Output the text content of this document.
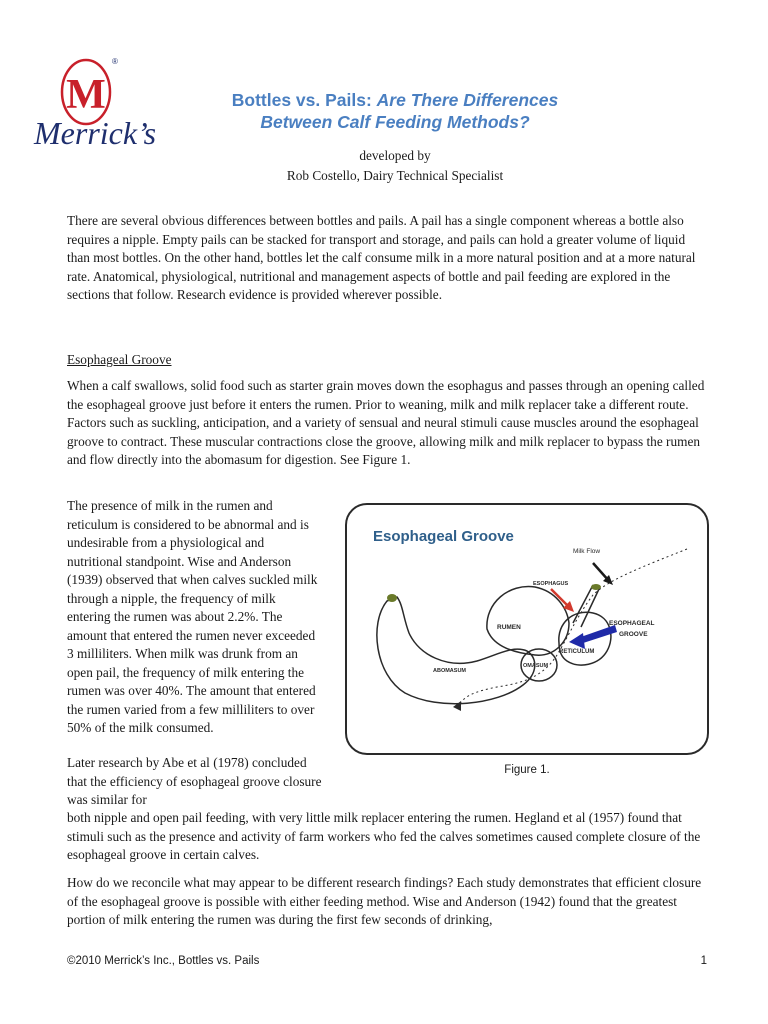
M
Merrick’s
®
Bottles vs. Pails: Are There Differences
Between Calf Feeding Methods?
developed by
Rob Costello, Dairy Technical Specialist

There are several obvious differences between bottles and pails. A pail has a single component whereas a bottle also requires a nipple. Empty pails can be stacked for transport and storage, and pails can hold a greater volume of liquid than most bottles. On the other hand, bottles let the calf consume milk in a more natural position and at a more natural rate. Anatomical, physiological, nutritional and management aspects of bottle and pail feeding are explored in the sections that follow. Research evidence is provided wherever possible.

Esophageal Groove

When a calf swallows, solid food such as starter grain moves down the esophagus and passes through an opening called the esophageal groove just before it enters the rumen. Prior to weaning, milk and milk replacer take a different route. Factors such as suckling, anticipation, and a variety of sensual and neural stimuli cause muscles around the esophageal groove to contract. These muscular contractions close the groove, allowing milk and milk replacer to bypass the rumen and flow directly into the abomasum for digestion. See Figure 1.

The presence of milk in the rumen and reticulum is considered to be abnormal and is undesirable from a physiological and nutritional standpoint. Wise and Anderson (1939) observed that when calves suckled milk through a nipple, the frequency of milk entering the rumen was about 2.2%. The amount that entered the rumen never exceeded 3 milliliters. When milk was drunk from an open pail, the frequency of milk entering the rumen was over 40%. The amount that entered the rumen varied from a few milliliters to over 50% of the milk consumed.

Later research by Abe et al (1978) concluded that the efficiency of esophageal groove closure was similar for

both nipple and open pail feeding, with very little milk replacer entering the rumen. Hegland et al (1957) found that stimuli such as the presence and activity of farm workers who fed the calves sometimes caused complete closure of the esophageal groove in certain calves.

How do we reconcile what may appear to be different research findings? Each study demonstrates that efficient closure of the esophageal groove is possible with either feeding method. Wise and Anderson (1942) found that the greatest portion of milk entering the rumen was during the first few seconds of drinking,

Esophageal Groove
Milk Flow
ESOPHAGUS
RUMEN
ESOPHAGEAL
GROOVE
RETICULUM
OMASUM
ABOMASUM
Figure 1.
©2010 Merrick’s Inc., Bottles vs. Pails	1
